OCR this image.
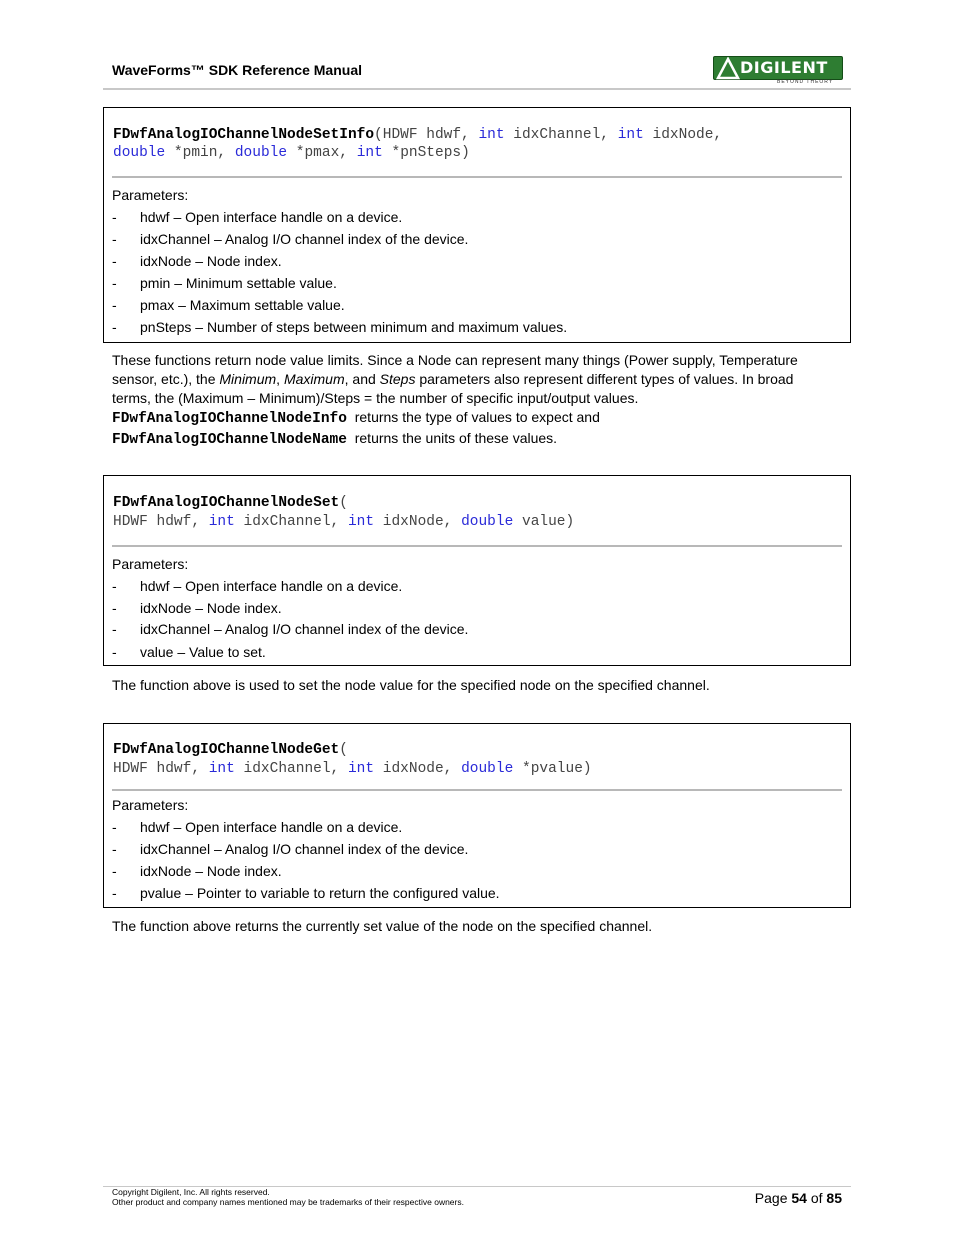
WaveForms™ SDK Reference Manual	DIGILENT
BEYOND THEORY
FDwfAnalogIOChannelNodeSetInfo(HDWF hdwf, int idxChannel, int idxNode,
double *pmin, double *pmax, int *pnSteps)
Parameters:
- hdwf – Open interface handle on a device.
- idxChannel – Analog I/O channel index of the device.
- idxNode – Node index.
- pmin – Minimum settable value.
- pmax – Maximum settable value.
- pnSteps – Number of steps between minimum and maximum values.
These functions return node value limits. Since a Node can represent many things (Power supply, Temperature
sensor, etc.), the Minimum, Maximum, and Steps parameters also represent different types of values. In broad
terms, the (Maximum – Minimum)/Steps = the number of specific input/output values.
FDwfAnalogIOChannelNodeInfo  returns the type of values to expect and
FDwfAnalogIOChannelNodeName  returns the units of these values.
FDwfAnalogIOChannelNodeSet(
HDWF hdwf, int idxChannel, int idxNode, double value)
Parameters:
- hdwf – Open interface handle on a device.
- idxNode – Node index.
- idxChannel – Analog I/O channel index of the device.
- value – Value to set.
The function above is used to set the node value for the specified node on the specified channel.
FDwfAnalogIOChannelNodeGet(
HDWF hdwf, int idxChannel, int idxNode, double *pvalue)
Parameters:
- hdwf – Open interface handle on a device.
- idxChannel – Analog I/O channel index of the device.
- idxNode – Node index.
- pvalue – Pointer to variable to return the configured value.
The function above returns the currently set value of the node on the specified channel.
Copyright Digilent, Inc. All rights reserved.
Other product and company names mentioned may be trademarks of their respective owners.	Page 54 of 85
